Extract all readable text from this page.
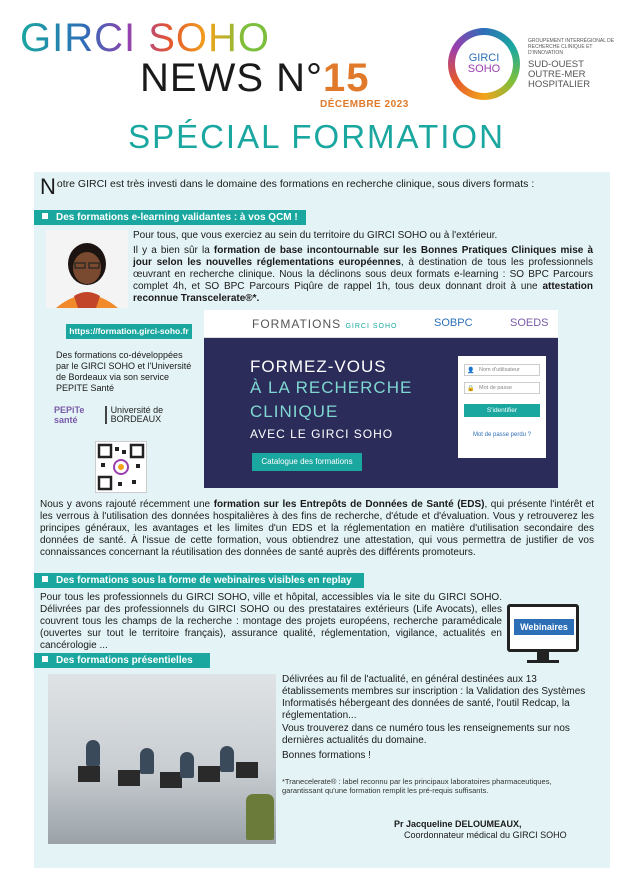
GIRCI SOHO
NEWS N°15
DÉCEMBRE 2023
GIRCI
SOHO
GROUPEMENT INTERRÉGIONAL DE RECHERCHE CLINIQUE ET D'INNOVATION
SUD-OUEST OUTRE-MER HOSPITALIER
SPÉCIAL FORMATION
N otre GIRCI est très investi dans le domaine des formations en recherche clinique, sous divers formats :
Des formations e-learning validantes : à vos QCM !
Pour tous, que vous exerciez au sein du territoire du GIRCI SOHO ou à l'extérieur.
Il y a bien sûr la formation de base incontournable sur les Bonnes Pratiques Cliniques mise à jour selon les nouvelles réglementations européennes, à destination de tous les professionnels œuvrant en recherche clinique. Nous la déclinons sous deux formats e-learning : SO BPC Parcours complet 4h, et SO BPC Parcours Piqûre de rappel 1h, tous deux donnant droit à une attestation reconnue Transcelerate®*.
https://formation.girci-soho.fr
Des formations co-développées par le GIRCI SOHO et l'Université de Bordeaux via son service PEPITE Santé
PEPiTe santé
Université de BORDEAUX
FORMATIONS GIRCI SOHO	SOBPC	SOEDS
FORMEZ-VOUS
À LA RECHERCHE
CLINIQUE
AVEC LE GIRCI SOHO
Catalogue des formations
👤 Nom d'utilisateur
🔒 Mot de passe
S'identifier
Mot de passe perdu ?
Nous y avons rajouté récemment une formation sur les Entrepôts de Données de Santé (EDS), qui présente l'intérêt et les verrous à l'utilisation des données hospitalières à des fins de recherche, d'étude et d'évaluation. Vous y retrouverez les principes généraux, les avantages et les limites d'un EDS et la réglementation en matière d'utilisation secondaire des données de santé. À l'issue de cette formation, vous obtiendrez une attestation, qui vous permettra de justifier de vos connaissances concernant la réutilisation des données de santé auprès des différents promoteurs.
Des formations sous la forme de webinaires visibles en replay
Pour tous les professionnels du GIRCI SOHO, ville et hôpital, accessibles via le site du GIRCI SOHO. Délivrées par des professionnels du GIRCI SOHO ou des prestataires extérieurs (Life Avocats), elles couvrent tous les champs de la recherche : montage des projets européens, recherche paramédicale (ouvertes sur tout le territoire français), assurance qualité, réglementation, vigilance, actualités en cancérologie ...
Webinaires
Des formations présentielles
Délivrées au fil de l'actualité, en général destinées aux 13 établissements membres sur inscription : la Validation des Systèmes Informatisés hébergeant des données de santé, l'outil Redcap, la réglementation...
Vous trouverez dans ce numéro tous les renseignements sur nos dernières actualités du domaine.
Bonnes formations !
*Tranecelerate® : label reconnu par les principaux laboratoires pharmaceutiques, garantissant qu'une formation remplit les pré-requis suffisants.
Pr Jacqueline DELOUMEAUX,
Coordonnateur médical du GIRCI SOHO
